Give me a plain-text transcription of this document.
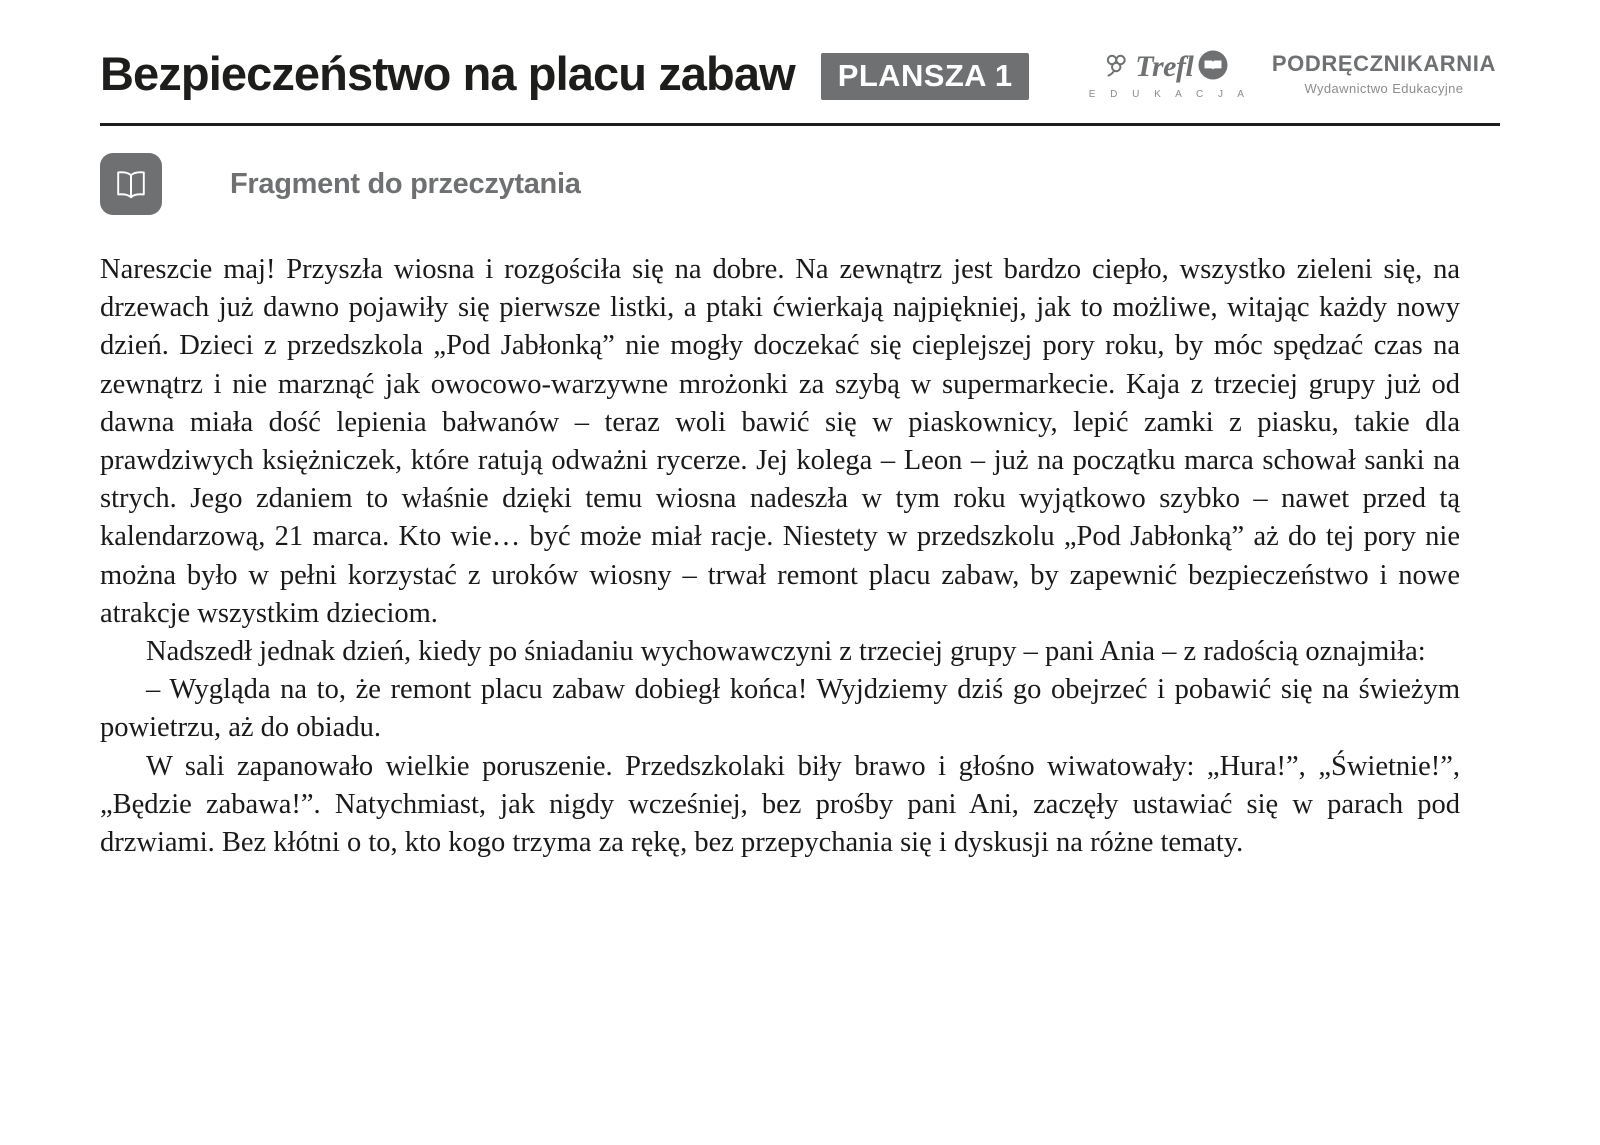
Bezpieczeństwo na placu zabaw	PLANSZA 1	Trefl
E D U K A C J A
PODRĘCZNIKARNIA
Wydawnictwo Edukacyjne
Fragment do przeczytania

Nareszcie maj! Przyszła wiosna i rozgościła się na dobre. Na zewnątrz jest bardzo ciepło, wszystko zieleni się, na drzewach już dawno pojawiły się pierwsze listki, a ptaki ćwierkają najpiękniej, jak to możliwe, witając każdy nowy dzień. Dzieci z przedszkola „Pod Jabłonką” nie mogły doczekać się cieplejszej pory roku, by móc spędzać czas na zewnątrz i nie marznąć jak owocowo-warzywne mrożonki za szybą w supermarkecie. Kaja z trzeciej grupy już od dawna miała dość lepienia bałwanów – teraz woli bawić się w piaskownicy, lepić zamki z piasku, takie dla prawdziwych księżniczek, które ratują odważni rycerze. Jej kolega – Leon – już na początku marca schował sanki na strych. Jego zdaniem to właśnie dzięki temu wiosna nadeszła w tym roku wyjątkowo szybko – nawet przed tą kalendarzową, 21 marca. Kto wie… być może miał racje. Niestety w przedszkolu „Pod Jabłonką” aż do tej pory nie można było w pełni korzystać z uroków wiosny – trwał remont placu zabaw, by zapewnić bezpieczeństwo i nowe atrakcje wszystkim dzieciom.

Nadszedł jednak dzień, kiedy po śniadaniu wychowawczyni z trzeciej grupy – pani Ania – z radością oznajmiła:

– Wygląda na to, że remont placu zabaw dobiegł końca! Wyjdziemy dziś go obejrzeć i pobawić się na świeżym powietrzu, aż do obiadu.

W sali zapanowało wielkie poruszenie. Przedszkolaki biły brawo i głośno wiwatowały: „Hura!”, „Świetnie!”, „Będzie zabawa!”. Natychmiast, jak nigdy wcześniej, bez prośby pani Ani, zaczęły ustawiać się w parach pod drzwiami. Bez kłótni o to, kto kogo trzyma za rękę, bez przepychania się i dyskusji na różne tematy.
